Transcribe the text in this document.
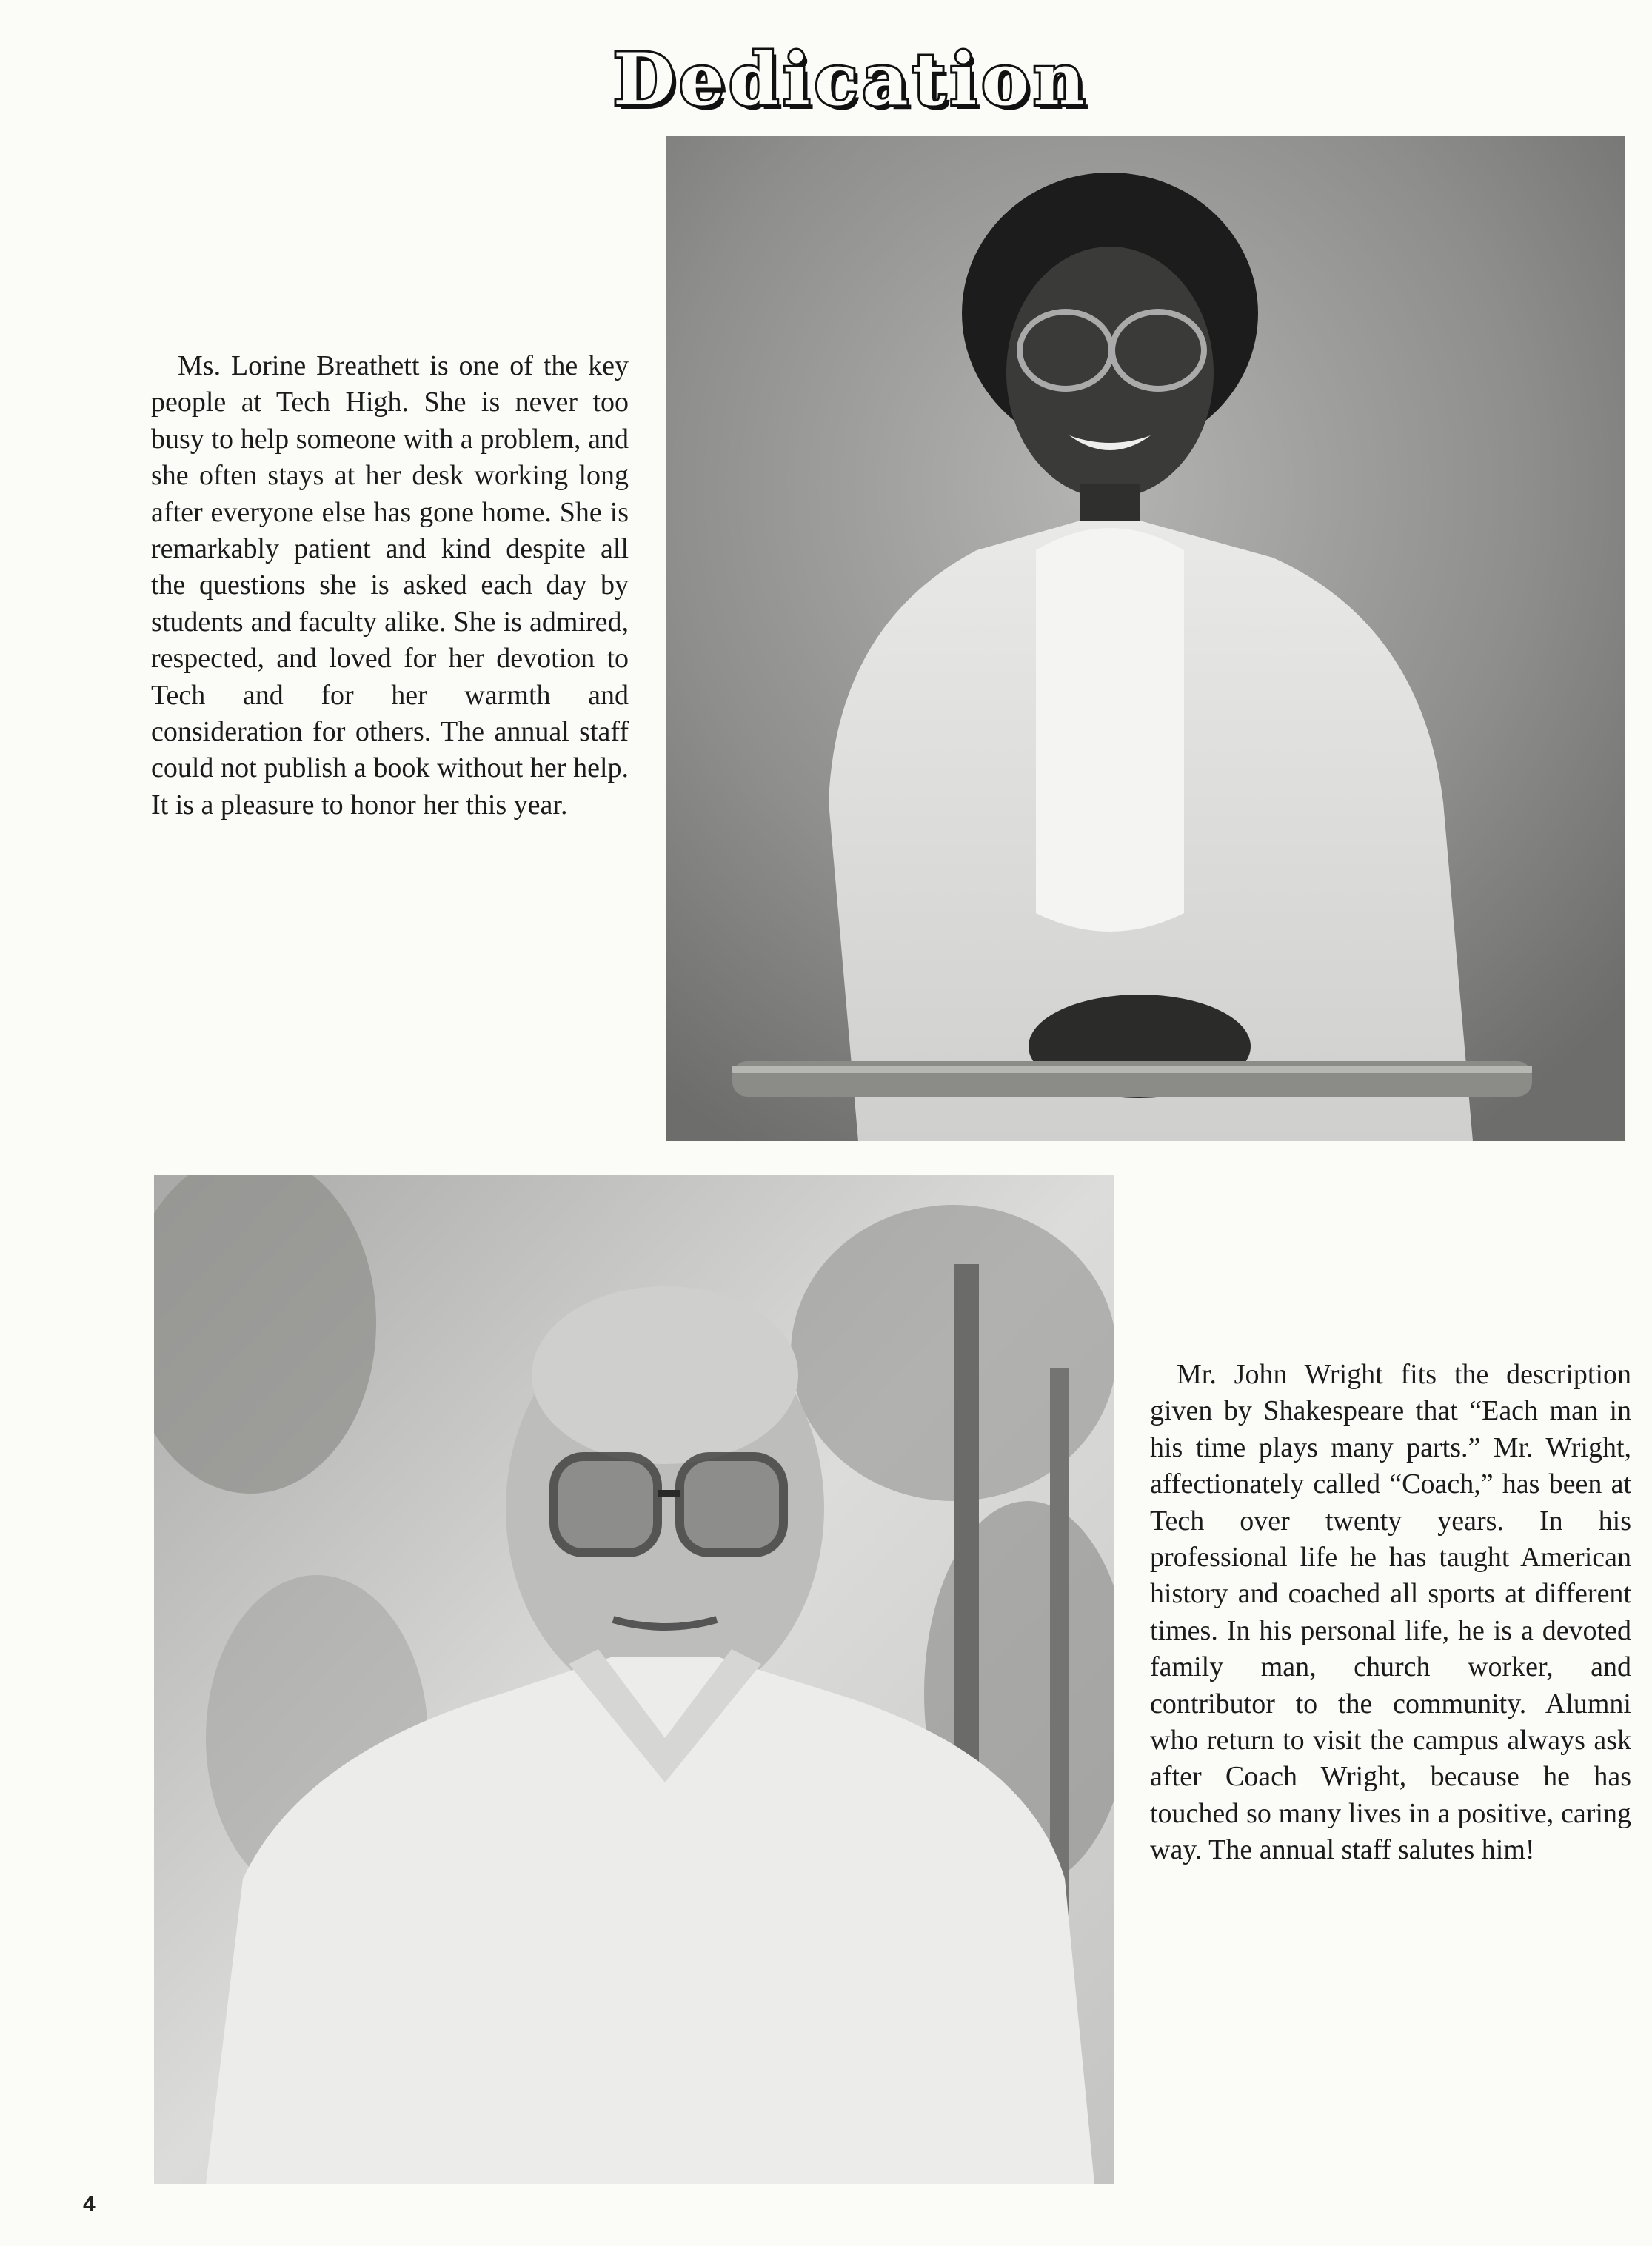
Dedication
Ms. Lorine Breathett is one of the key people at Tech High. She is never too busy to help someone with a problem, and she often stays at her desk working long after everyone else has gone home. She is remarkably patient and kind despite all the questions she is asked each day by students and faculty alike. She is admired, respected, and loved for her devotion to Tech and for her warmth and consideration for others. The annual staff could not publish a book without her help. It is a pleasure to honor her this year.
Mr. John Wright fits the description given by Shakespeare that “Each man in his time plays many parts.” Mr. Wright, affectionately called “Coach,” has been at Tech over twenty years. In his professional life he has taught American history and coached all sports at different times. In his personal life, he is a devoted family man, church worker, and contributor to the community. Alumni who return to visit the campus always ask after Coach Wright, because he has touched so many lives in a positive, caring way. The annual staff salutes him!
4
